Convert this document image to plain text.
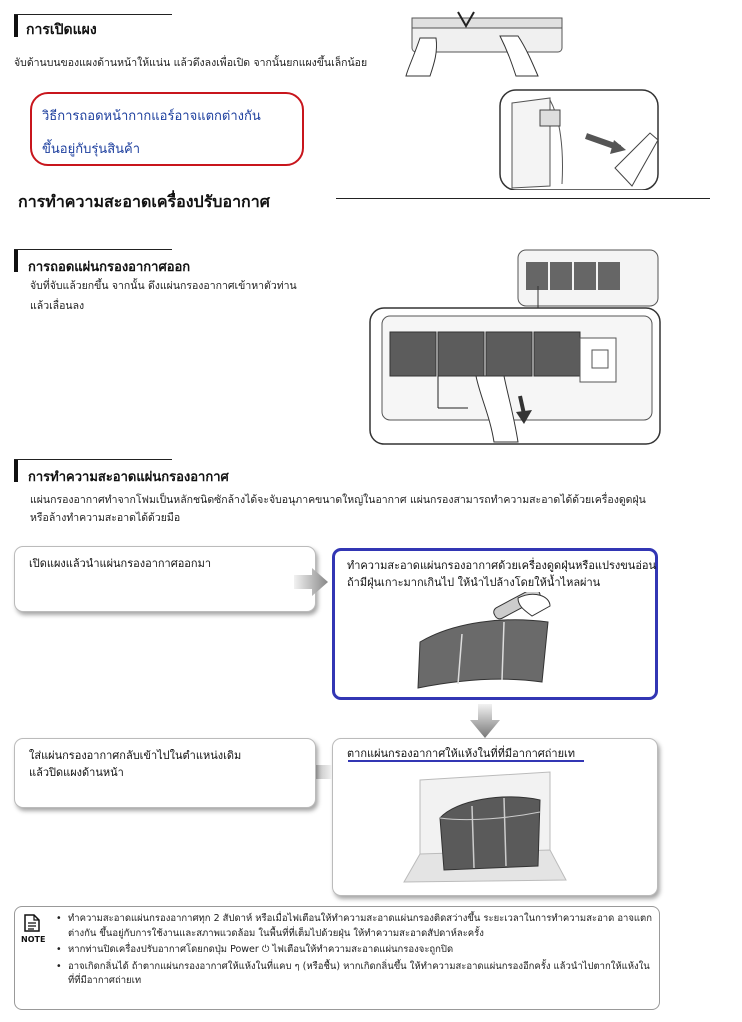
การเปิดแผง
จับด้านบนของแผงด้านหน้าให้แน่น แล้วดึงลงเพื่อเปิด จากนั้นยกแผงขึ้นเล็กน้อย
วิธีการถอดหน้ากากแอร์อาจแตกต่างกัน
ขึ้นอยู่กับรุ่นสินค้า
การทำความสะอาดเครื่องปรับอากาศ
การถอดแผ่นกรองอากาศออก
จับที่จับแล้วยกขึ้น จากนั้น ดึงแผ่นกรองอากาศเข้าหาตัวท่าน
แล้วเลื่อนลง
การทำความสะอาดแผ่นกรองอากาศ
แผ่นกรองอากาศทำจากโฟมเป็นหลักชนิดซักล้างได้จะจับอนุภาคขนาดใหญ่ในอากาศ แผ่นกรองสามารถทำความสะอาดได้ด้วยเครื่องดูดฝุ่น
หรือล้างทำความสะอาดได้ด้วยมือ
เปิดแผงแล้วนำแผ่นกรองอากาศออกมา	ทำความสะอาดแผ่นกรองอากาศด้วยเครื่องดูดฝุ่นหรือแปรงขนอ่อน
ถ้ามีฝุ่นเกาะมากเกินไป ให้นำไปล้างโดยให้น้ำไหลผ่าน
ตากแผ่นกรองอากาศให้แห้งในที่ที่มีอากาศถ่ายเท
ใส่แผ่นกรองอากาศกลับเข้าไปในตำแหน่งเดิม
แล้วปิดแผงด้านหน้า
NOTE
• ทำความสะอาดแผ่นกรองอากาศทุก 2 สัปดาห์ หรือเมื่อไฟเตือนให้ทำความสะอาดแผ่นกรองติดสว่างขึ้น ระยะเวลาในการทำความสะอาด อาจแตกต่างกัน ขึ้นอยู่กับการใช้งานและสภาพแวดล้อม ในพื้นที่ที่เต็มไปด้วยฝุ่น ให้ทำความสะอาดสัปดาห์ละครั้ง
• หากท่านปิดเครื่องปรับอากาศโดยกดปุ่ม Power ⏻ ไฟเตือนให้ทำความสะอาดแผ่นกรองจะถูกปิด
• อาจเกิดกลิ่นได้ ถ้าตากแผ่นกรองอากาศให้แห้งในที่แคบ ๆ (หรือชื้น) หากเกิดกลิ่นขึ้น ให้ทำความสะอาดแผ่นกรองอีกครั้ง แล้วนำไปตากให้แห้งในที่ที่มีอากาศถ่ายเท
